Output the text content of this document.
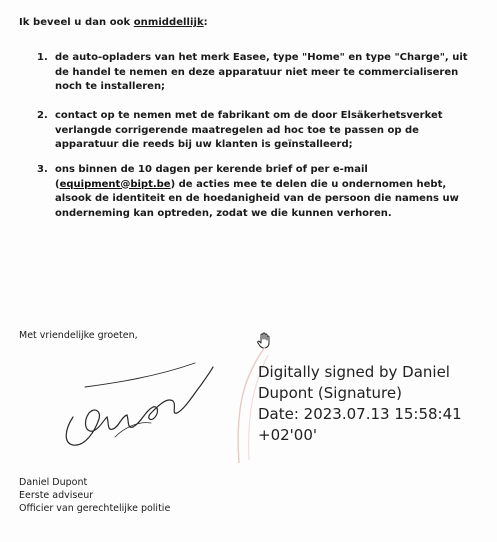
Ik beveel u dan ook onmiddellijk:
1. de auto-opladers van het merk Easee, type "Home" en type "Charge", uit
de handel te nemen en deze apparatuur niet meer te commercialiseren
noch te installeren;
2. contact op te nemen met de fabrikant om de door Elsäkerhetsverket
verlangde corrigerende maatregelen ad hoc toe te passen op de
apparatuur die reeds bij uw klanten is geïnstalleerd;
3. ons binnen de 10 dagen per kerende brief of per e-mail
(equipment@bipt.be) de acties mee te delen die u ondernomen hebt,
alsook de identiteit en de hoedanigheid van de persoon die namens uw
onderneming kan optreden, zodat we die kunnen verhoren.
Met vriendelijke groeten,
Digitally signed by Daniel
Dupont (Signature)
Date: 2023.07.13 15:58:41
+02'00'
Daniel Dupont
Eerste adviseur
Officier van gerechtelijke politie
